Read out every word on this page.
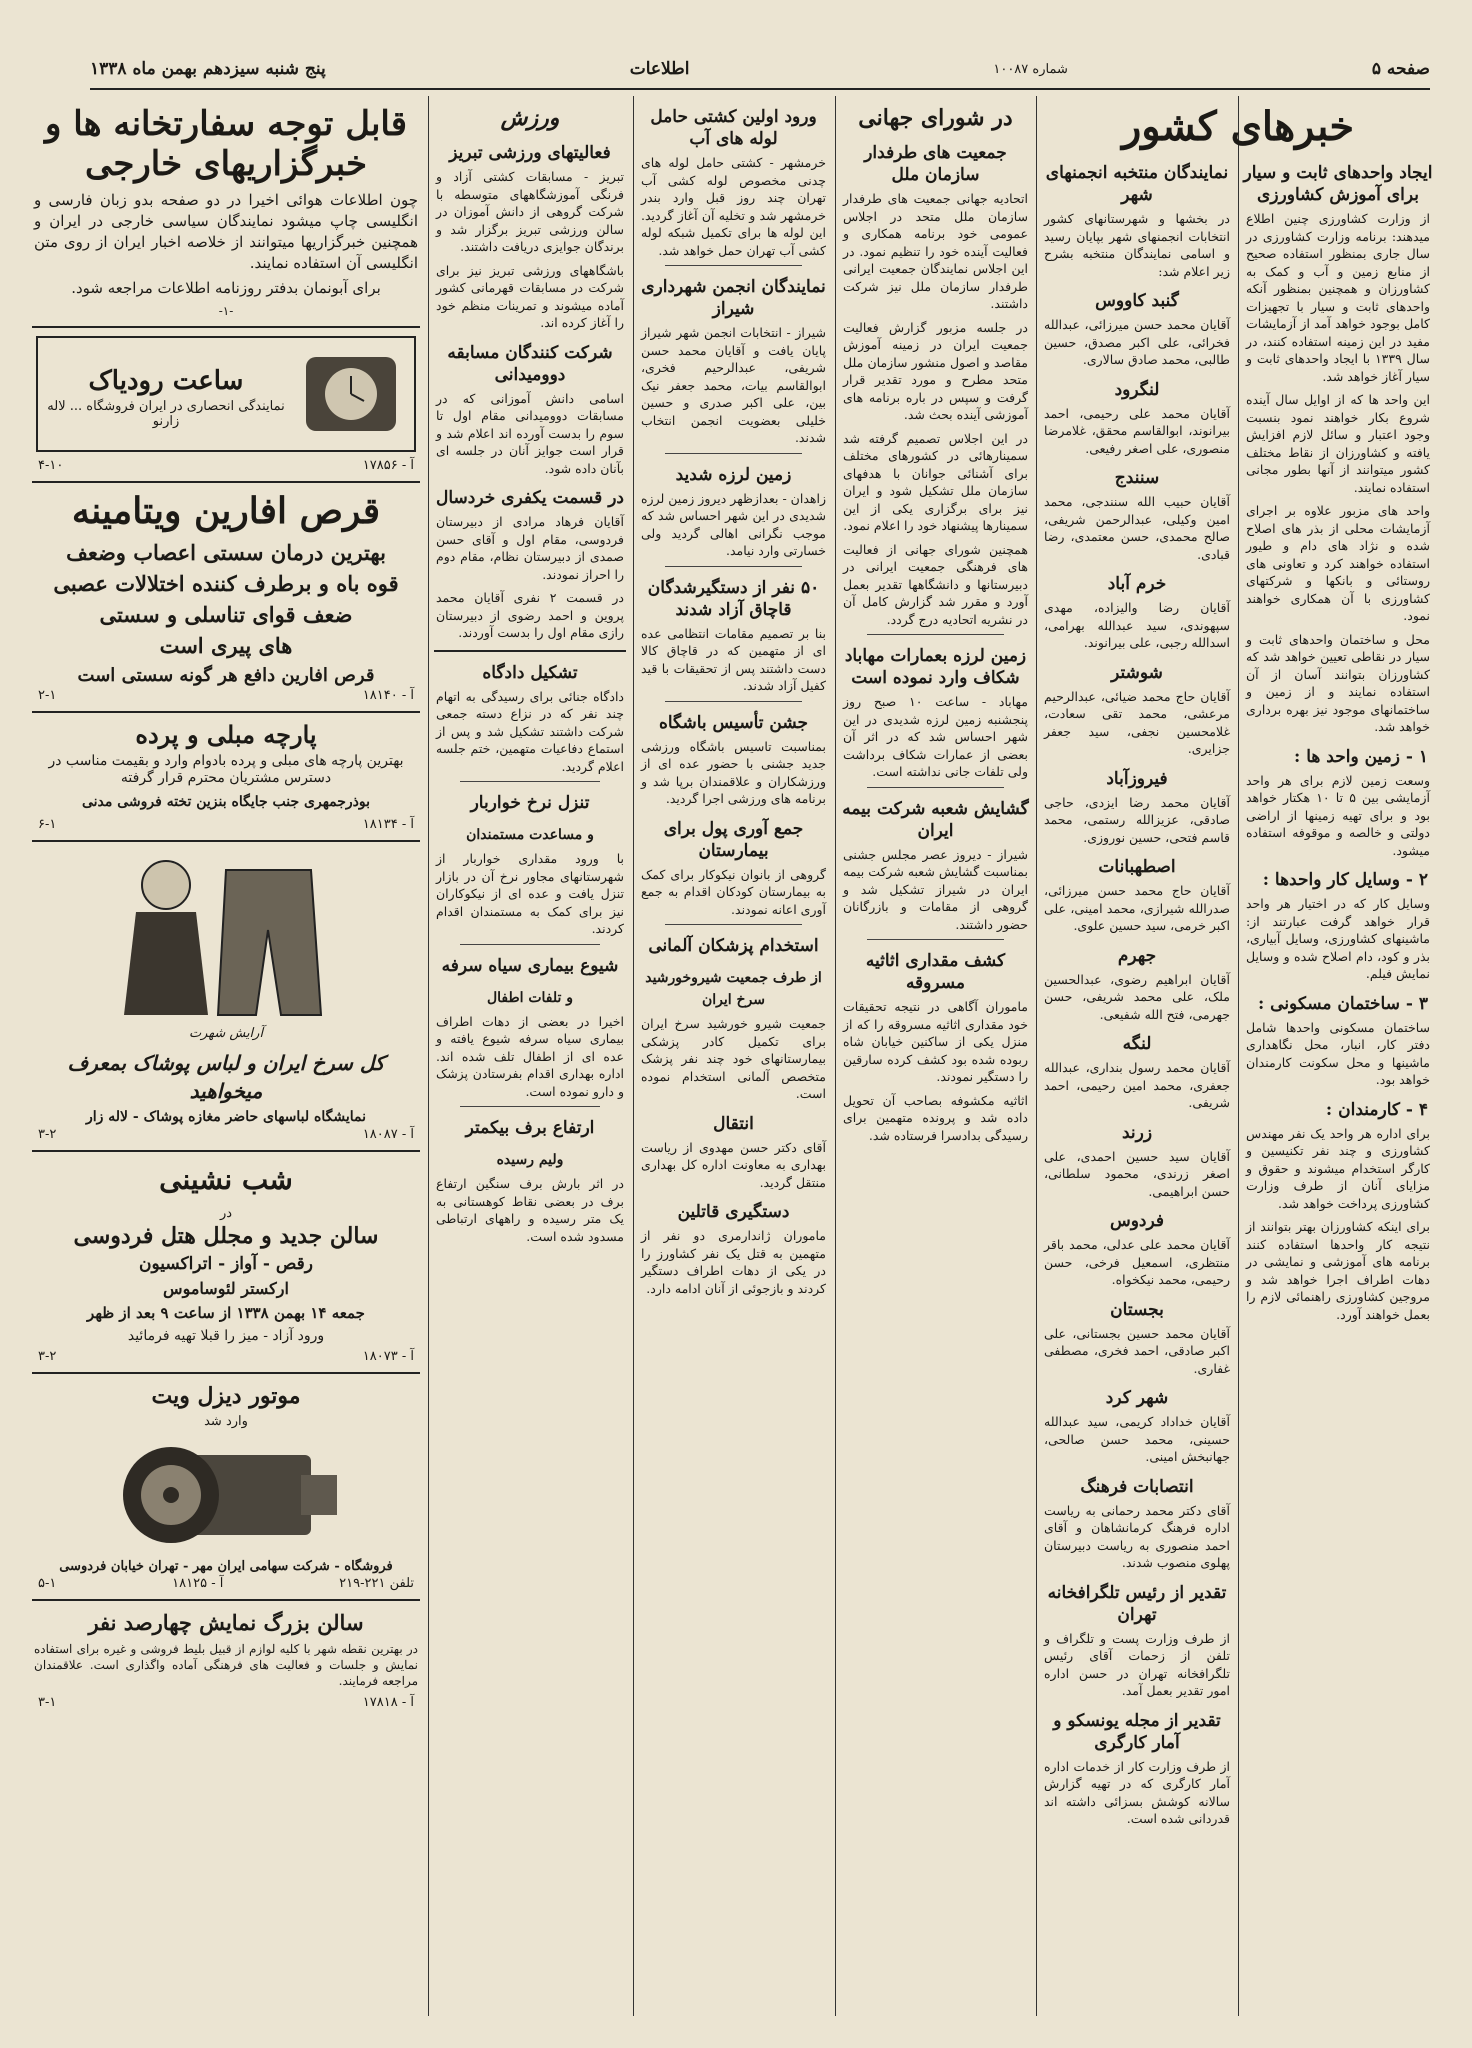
صفحه ۵
شماره ۱۰۰۸۷
اطلاعات
پنج شنبه سیزدهم بهمن ماه ۱۳۳۸
خبرهای کشور
ایجاد واحدهای ثابت و سیار برای آموزش کشاورزی

از وزارت کشاورزی چنین اطلاع میدهند: برنامه وزارت کشاورزی در سال جاری بمنظور استفاده صحیح از منابع زمین و آب و کمک به کشاورزان و همچنین بمنظور آنکه واحدهای ثابت و سیار با تجهیزات کامل بوجود خواهد آمد از آزمایشات مفید در این زمینه استفاده کنند، در سال ۱۳۳۹ با ایجاد واحدهای ثابت و سیار آغاز خواهد شد.

این واحد ها که از اوایل سال آینده شروع بکار خواهند نمود بنسبت وجود اعتبار و سائل لازم افزایش یافته و کشاورزان از نقاط مختلف کشور میتوانند از آنها بطور مجانی استفاده نمایند.

واحد های مزبور علاوه بر اجرای آزمایشات محلی از بذر های اصلاح شده و نژاد های دام و طیور استفاده خواهند کرد و تعاونی های روستائی و بانکها و شرکتهای کشاورزی با آن همکاری خواهند نمود.

محل و ساختمان واحدهای ثابت و سیار در نقاطی تعیین خواهد شد که کشاورزان بتوانند آسان از آن استفاده نمایند و از زمین و ساختمانهای موجود نیز بهره برداری خواهد شد.

۱ - زمین واحد ها :

وسعت زمین لازم برای هر واحد آزمایشی بین ۵ تا ۱۰ هکتار خواهد بود و برای تهیه زمینها از اراضی دولتی و خالصه و موقوفه استفاده میشود.

۲ - وسایل کار واحدها :

وسایل کار که در اختیار هر واحد قرار خواهد گرفت عبارتند از: ماشینهای کشاورزی، وسایل آبیاری، بذر و کود، دام اصلاح شده و وسایل نمایش فیلم.

۳ - ساختمان مسکونی :

ساختمان مسکونی واحدها شامل دفتر کار، انبار، محل نگاهداری ماشینها و محل سکونت کارمندان خواهد بود.

۴ - کارمندان :

برای اداره هر واحد یک نفر مهندس کشاورزی و چند نفر تکنیسین و کارگر استخدام میشوند و حقوق و مزایای آنان از طرف وزارت کشاورزی پرداخت خواهد شد.

برای اینکه کشاورزان بهتر بتوانند از نتیجه کار واحدها استفاده کنند برنامه های آموزشی و نمایشی در دهات اطراف اجرا خواهد شد و مروجین کشاورزی راهنمائی لازم را بعمل خواهند آورد.

نمایندگان منتخبه انجمنهای شهر

در بخشها و شهرستانهای کشور انتخابات انجمنهای شهر بپایان رسید و اسامی نمایندگان منتخبه بشرح زیر اعلام شد:

گنبد کاووس

آقایان محمد حسن میرزائی، عبدالله فخرائی، علی اکبر مصدق، حسین طالبی، محمد صادق سالاری.

لنگرود

آقایان محمد علی رحیمی، احمد بیرانوند، ابوالقاسم محقق، غلامرضا منصوری، علی اصغر رفیعی.

سنندج

آقایان حبیب الله سنندجی، محمد امین وکیلی، عبدالرحمن شریفی، صالح محمدی، حسن معتمدی، رضا قبادی.

خرم آباد

آقایان رضا والیزاده، مهدی سپهوندی، سید عبدالله بهرامی، اسدالله رجبی، علی بیرانوند.

شوشتر

آقایان حاج محمد ضیائی، عبدالرحیم مرعشی، محمد تقی سعادت، غلامحسین نجفی، سید جعفر جزایری.

فیروزآباد

آقایان محمد رضا ایزدی، حاجی صادقی، عزیزالله رستمی، محمد قاسم فتحی، حسین نوروزی.

اصطهبانات

آقایان حاج محمد حسن میرزائی، صدرالله شیرازی، محمد امینی، علی اکبر خرمی، سید حسین علوی.

جهرم

آقایان ابراهیم رضوی، عبدالحسین ملک، علی محمد شریفی، حسن جهرمی، فتح الله شفیعی.

لنگه

آقایان محمد رسول بنداری، عبدالله جعفری، محمد امین رحیمی، احمد شریفی.

زرند

آقایان سید حسین احمدی، علی اصغر زرندی، محمود سلطانی، حسن ابراهیمی.

فردوس

آقایان محمد علی عدلی، محمد باقر منتظری، اسمعیل فرخی، حسن رحیمی، محمد نیکخواه.

بجستان

آقایان محمد حسین بجستانی، علی اکبر صادقی، احمد فخری، مصطفی غفاری.

شهر کرد

آقایان خداداد کریمی، سید عبدالله حسینی، محمد حسن صالحی، جهانبخش امینی.

انتصابات فرهنگ

آقای دکتر محمد رحمانی به ریاست اداره فرهنگ کرمانشاهان و آقای احمد منصوری به ریاست دبیرستان پهلوی منصوب شدند.

تقدیر از رئیس تلگرافخانه تهران

از طرف وزارت پست و تلگراف و تلفن از زحمات آقای رئیس تلگرافخانه تهران در حسن اداره امور تقدیر بعمل آمد.

تقدیر از مجله یونسکو و آمار کارگری

از طرف وزارت کار از خدمات اداره آمار کارگری که در تهیه گزارش سالانه کوشش بسزائی داشته اند قدردانی شده است.

در شورای جهانی
جمعیت های طرفدار سازمان ملل

اتحادیه جهانی جمعیت های طرفدار سازمان ملل متحد در اجلاس عمومی خود برنامه همکاری و فعالیت آینده خود را تنظیم نمود. در این اجلاس نمایندگان جمعیت ایرانی طرفدار سازمان ملل نیز شرکت داشتند.

در جلسه مزبور گزارش فعالیت جمعیت ایران در زمینه آموزش مقاصد و اصول منشور سازمان ملل متحد مطرح و مورد تقدیر قرار گرفت و سپس در باره برنامه های آموزشی آینده بحث شد.

در این اجلاس تصمیم گرفته شد سمینارهائی در کشورهای مختلف برای آشنائی جوانان با هدفهای سازمان ملل تشکیل شود و ایران نیز برای برگزاری یکی از این سمینارها پیشنهاد خود را اعلام نمود.

همچنین شورای جهانی از فعالیت های فرهنگی جمعیت ایرانی در دبیرستانها و دانشگاهها تقدیر بعمل آورد و مقرر شد گزارش کامل آن در نشریه اتحادیه درج گردد.

زمین لرزه بعمارات مهاباد شکاف وارد نموده است

مهاباد - ساعت ۱۰ صبح روز پنجشنبه زمین لرزه شدیدی در این شهر احساس شد که در اثر آن بعضی از عمارات شکاف برداشت ولی تلفات جانی نداشته است.

گشایش شعبه شرکت بیمه ایران

شیراز - دیروز عصر مجلس جشنی بمناسبت گشایش شعبه شرکت بیمه ایران در شیراز تشکیل شد و گروهی از مقامات و بازرگانان حضور داشتند.

کشف مقداری اثاثیه مسروقه

ماموران آگاهی در نتیجه تحقیقات خود مقداری اثاثیه مسروقه را که از منزل یکی از ساکنین خیابان شاه ربوده شده بود کشف کرده سارقین را دستگیر نمودند.

اثاثیه مکشوفه بصاحب آن تحویل داده شد و پرونده متهمین برای رسیدگی بدادسرا فرستاده شد.

ورود اولین کشتی حامل لوله های آب

خرمشهر - کشتی حامل لوله های چدنی مخصوص لوله کشی آب تهران چند روز قبل وارد بندر خرمشهر شد و تخلیه آن آغاز گردید. این لوله ها برای تکمیل شبکه لوله کشی آب تهران حمل خواهد شد.

نمایندگان انجمن شهرداری شیراز

شیراز - انتخابات انجمن شهر شیراز پایان یافت و آقایان محمد حسن شریفی، عبدالرحیم فخری، ابوالقاسم بیات، محمد جعفر نیک بین، علی اکبر صدری و حسین خلیلی بعضویت انجمن انتخاب شدند.

زمین لرزه شدید

زاهدان - بعدازظهر دیروز زمین لرزه شدیدی در این شهر احساس شد که موجب نگرانی اهالی گردید ولی خسارتی وارد نیامد.

۵۰ نفر از دستگیرشدگان قاچاق آزاد شدند

بنا بر تصمیم مقامات انتظامی عده ای از متهمین که در قاچاق کالا دست داشتند پس از تحقیقات با قید کفیل آزاد شدند.

جشن تأسیس باشگاه

بمناسبت تاسیس باشگاه ورزشی جدید جشنی با حضور عده ای از ورزشکاران و علاقمندان برپا شد و برنامه های ورزشی اجرا گردید.

جمع آوری پول برای بیمارستان

گروهی از بانوان نیکوکار برای کمک به بیمارستان کودکان اقدام به جمع آوری اعانه نمودند.

استخدام پزشکان آلمانی
از طرف جمعیت شیروخورشید سرخ ایران

جمعیت شیرو خورشید سرخ ایران برای تکمیل کادر پزشکی بیمارستانهای خود چند نفر پزشک متخصص آلمانی استخدام نموده است.

انتقال

آقای دکتر حسن مهدوی از ریاست بهداری به معاونت اداره کل بهداری منتقل گردید.

دستگیری قاتلین

ماموران ژاندارمری دو نفر از متهمین به قتل یک نفر کشاورز را در یکی از دهات اطراف دستگیر کردند و بازجوئی از آنان ادامه دارد.

ورزش
فعالیتهای ورزشی تبریز

تبریز - مسابقات کشتی آزاد و فرنگی آموزشگاههای متوسطه با شرکت گروهی از دانش آموزان در سالن ورزشی تبریز برگزار شد و برندگان جوایزی دریافت داشتند.

باشگاههای ورزشی تبریز نیز برای شرکت در مسابقات قهرمانی کشور آماده میشوند و تمرینات منظم خود را آغاز کرده اند.

شرکت کنندگان مسابقه دوومیدانی

اسامی دانش آموزانی که در مسابقات دوومیدانی مقام اول تا سوم را بدست آورده اند اعلام شد و قرار است جوایز آنان در جلسه ای بآنان داده شود.

در قسمت یکفری خردسال

آقایان فرهاد مرادی از دبیرستان فردوسی، مقام اول و آقای حسن صمدی از دبیرستان نظام، مقام دوم را احراز نمودند.

در قسمت ۲ نفری آقایان محمد پروین و احمد رضوی از دبیرستان رازی مقام اول را بدست آوردند.

تشکیل دادگاه

دادگاه جنائی برای رسیدگی به اتهام چند نفر که در نزاع دسته جمعی شرکت داشتند تشکیل شد و پس از استماع دفاعیات متهمین، ختم جلسه اعلام گردید.

تنزل نرخ خواربار
و مساعدت مستمندان

با ورود مقداری خواربار از شهرستانهای مجاور نرخ آن در بازار تنزل یافت و عده ای از نیکوکاران نیز برای کمک به مستمندان اقدام کردند.

شیوع بیماری سیاه سرفه
و تلفات اطفال

اخیرا در بعضی از دهات اطراف بیماری سیاه سرفه شیوع یافته و عده ای از اطفال تلف شده اند. اداره بهداری اقدام بفرستادن پزشک و دارو نموده است.

ارتفاع برف بیکمتر
ولیم رسیده

در اثر بارش برف سنگین ارتفاع برف در بعضی نقاط کوهستانی به یک متر رسیده و راههای ارتباطی مسدود شده است.

قابل توجه سفارتخانه ها و خبرگزاریهای خارجی

چون اطلاعات هوائی اخیرا در دو صفحه بدو زبان فارسی و انگلیسی چاپ میشود نمایندگان سیاسی خارجی در ایران و همچنین خبرگزاریها میتوانند از خلاصه اخبار ایران از روی متن انگلیسی آن استفاده نمایند.

برای آبونمان بدفتر روزنامه اطلاعات مراجعه شود.

-۱-
ساعت رودیاک
نمایندگی انحصاری در ایران فروشگاه ... لاله زارنو
آ - ۱۷۸۵۶
۴-۱۰
قرص افارین ویتامینه
بهترین درمان سستی اعصاب وضعف
قوه باه و برطرف کننده اختلالات عصبی
ضعف قوای تناسلی و سستی
های پیری است
قرص افارین دافع هر گونه سستی است
آ - ۱۸۱۴۰
۲-۱
پارچه مبلی و پرده
بهترین پارچه های مبلی و پرده بادوام وارد و بقیمت مناسب در دسترس مشتریان محترم قرار گرفته
بوذرجمهری جنب جایگاه بنزین تخته فروشی مدنی
آ - ۱۸۱۳۴
۶-۱
آرایش شهرت
کل سرخ ایران و لباس پوشاک بمعرف میخواهید
نمایشگاه لباسهای حاضر مغازه پوشاک - لاله زار
آ - ۱۸۰۸۷
۳-۲
شب نشینی
در
سالن جدید و مجلل هتل فردوسی
رقص - آواز - اتراکسیون
ارکستر لئوساموس
جمعه ۱۴ بهمن ۱۳۳۸ از ساعت ۹ بعد از ظهر
ورود آزاد - میز را قبلا تهیه فرمائید
آ - ۱۸۰۷۳
۳-۲
موتور دیزل ویت
وارد شد
فروشگاه - شرکت سهامی ایران مهر - تهران خیابان فردوسی
تلفن ۲۲۱-۲۱۹
آ - ۱۸۱۲۵
۵-۱
سالن بزرگ نمایش چهارصد نفر

در بهترین نقطه شهر با کلیه لوازم از قبیل بلیط فروشی و غیره برای استفاده نمایش و جلسات و فعالیت های فرهنگی آماده واگذاری است. علاقمندان مراجعه فرمایند.

آ - ۱۷۸۱۸
۳-۱
